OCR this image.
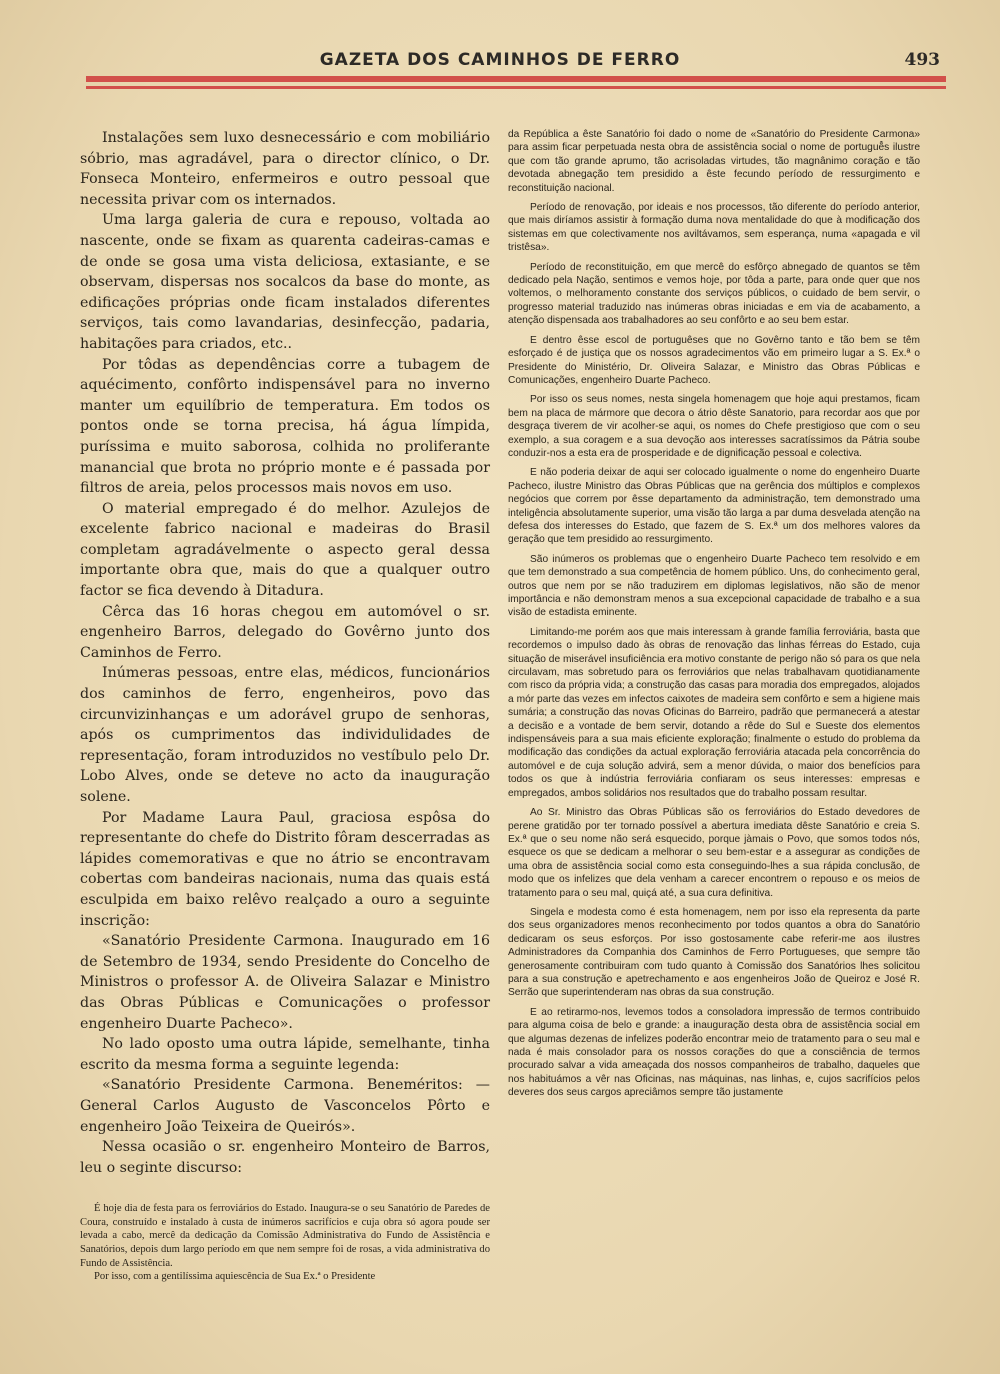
GAZETA DOS CAMINHOS DE FERRO	493

Instalações sem luxo desnecessário e com mobiliário sóbrio, mas agradável, para o director clínico, o Dr. Fonseca Monteiro, enfermeiros e outro pessoal que necessita privar com os internados.

Uma larga galeria de cura e repouso, voltada ao nascente, onde se fixam as quarenta cadeiras-camas e de onde se gosa uma vista deliciosa, extasiante, e se observam, dispersas nos socalcos da base do monte, as edificações próprias onde ficam instalados diferentes serviços, tais como lavandarias, desinfecção, padaria, habitações para criados, etc..

Por tôdas as dependências corre a tubagem de aquécimento, confôrto indispensável para no inverno manter um equilíbrio de temperatura. Em todos os pontos onde se torna precisa, há água límpida, puríssima e muito saborosa, colhida no proliferante manancial que brota no próprio monte e é passada por filtros de areia, pelos processos mais novos em uso.

O material empregado é do melhor. Azulejos de excelente fabrico nacional e madeiras do Brasil completam agradávelmente o aspecto geral dessa importante obra que, mais do que a qualquer outro factor se fica devendo à Ditadura.

Cêrca das 16 horas chegou em automóvel o sr. engenheiro Barros, delegado do Govêrno junto dos Caminhos de Ferro.

Inúmeras pessoas, entre elas, médicos, funcionários dos caminhos de ferro, engenheiros, povo das circunvizinhanças e um adorável grupo de senhoras, após os cumprimentos das individulidades de representação, foram introduzidos no vestíbulo pelo Dr. Lobo Alves, onde se deteve no acto da inauguração solene.

Por Madame Laura Paul, graciosa espôsa do representante do chefe do Distrito fôram descerradas as lápides comemorativas e que no átrio se encontravam cobertas com bandeiras nacionais, numa das quais está esculpida em baixo relêvo realçado a ouro a seguinte inscrição:

«Sanatório Presidente Carmona. Inaugurado em 16 de Setembro de 1934, sendo Presidente do Concelho de Ministros o professor A. de Oliveira Salazar e Ministro das Obras Públicas e Comunicações o professor engenheiro Duarte Pacheco».

No lado oposto uma outra lápide, semelhante, tinha escrito da mesma forma a seguinte legenda:

«Sanatório Presidente Carmona. Beneméritos: — General Carlos Augusto de Vasconcelos Pôrto e engenheiro João Teixeira de Queirós».

Nessa ocasião o sr. engenheiro Monteiro de Barros, leu o seginte discurso:

É hoje dia de festa para os ferroviários do Estado. Inaugura-se o seu Sanatório de Paredes de Coura, construído e instalado à custa de inúmeros sacrifícios e cuja obra só agora poude ser levada a cabo, mercê da dedicação da Comissão Administrativa do Fundo de Assistência e Sanatórios, depois dum largo período em que nem sempre foi de rosas, a vida administrativa do Fundo de Assistência.

Por isso, com a gentilíssima aquiescência de Sua Ex.ª o Presidente

da República a êste Sanatório foi dado o nome de «Sanatório do Presidente Carmona» para assim ficar perpetuada nesta obra de assistência social o nome de portuguê̂s ilustre que com tão grande aprumo, tão acrisoladas virtudes, tão magnânimo coração e tão devotada abnegação tem presidido a êste fecundo período de ressurgimento e reconstituição nacional.

Período de renovação, por ideais e nos processos, tão diferente do período anterior, que mais diríamos assistir à formação duma nova mentalidade do que à modificação dos sistemas em que colectivamente nos aviltávamos, sem esperança, numa «apagada e vil tristêsa».

Período de reconstituição, em que mercê do esfôrço abnegado de quantos se têm dedicado pela Nação, sentimos e vemos hoje, por tôda a parte, para onde quer que nos voltemos, o melhoramento constante dos serviços públicos, o cuidado de bem servir, o progresso material traduzido nas inúmeras obras iniciadas e em via de acabamento, a atenção dispensada aos trabalhadores ao seu confôrto e ao seu bem estar.

E dentro êsse escol de portuguêses que no Govêrno tanto e tão bem se têm esforçado é de justiça que os nossos agradecimentos vão em primeiro lugar a S. Ex.ª o Presidente do Ministério, Dr. Oliveira Salazar, e Ministro das Obras Públicas e Comunicações, engenheiro Duarte Pacheco.

Por isso os seus nomes, nesta singela homenagem que hoje aqui prestamos, ficam bem na placa de mármore que decora o átrio dêste Sanatorio, para recordar aos que por desgraça tiverem de vir acolher-se aqui, os nomes do Chefe prestigioso que com o seu exemplo, a sua coragem e a sua devoção aos interesses sacratíssimos da Pátria soube conduzir-nos a esta era de prosperidade e de dignificação pessoal e colectiva.

E não poderia deixar de aqui ser colocado igualmente o nome do engenheiro Duarte Pacheco, ilustre Ministro das Obras Públicas que na gerência dos múltiplos e complexos negócios que correm por êsse departamento da administração, tem demonstrado uma inteligência absolutamente superior, uma visão tão larga a par duma desvelada atenção na defesa dos interesses do Estado, que fazem de S. Ex.ª um dos melhores valores da geração que tem presidido ao ressurgimento.

São inúmeros os problemas que o engenheiro Duarte Pacheco tem resolvido e em que tem demonstrado a sua competência de homem público. Uns, do conhecimento geral, outros que nem por se não traduzirem em diplomas legislativos, não são de menor importância e não demonstram menos a sua excepcional capacidade de trabalho e a sua visão de estadista eminente.

Limitando-me porém aos que mais interessam à grande família ferroviária, basta que recordemos o impulso dado às obras de renovação das linhas férreas do Estado, cuja situação de miserável insuficiência era motivo constante de perigo não só para os que nela circulavam, mas sobretudo para os ferroviários que nelas trabalhavam quotidianamente com risco da própria vida; a construção das casas para moradia dos empregados, alojados a mór parte das vezes em infectos caixotes de madeira sem confôrto e sem a higiene mais sumária; a construção das novas Oficinas do Barreiro, padrão que permanecerá a atestar a decisão e a vontade de bem servir, dotando a rêde do Sul e Sueste dos elementos indispensáveis para a sua mais eficiente exploração; finalmente o estudo do problema da modificação das condições da actual exploração ferroviária atacada pela concorrência do automóvel e de cuja solução advirá, sem a menor dúvida, o maior dos benefícios para todos os que à indústria ferroviária confiaram os seus interesses: empresas e empregados, ambos solidários nos resultados que do trabalho possam resultar.

Ao Sr. Ministro das Obras Públicas são os ferroviários do Estado devedores de perene gratidão por ter tornado possível a abertura imediata dêste Sanatório e creia S. Ex.ª que o seu nome não será esquecido, porque jàmais o Povo, que somos todos nós, esquece os que se dedicam a melhorar o seu bem-estar e a assegurar as condições de uma obra de assistência social como esta conseguindo-lhes a sua rápida conclusão, de modo que os infelizes que dela venham a carecer encontrem o repouso e os meios de tratamento para o seu mal, quiçá até, a sua cura definitiva.

Singela e modesta como é esta homenagem, nem por isso ela representa da parte dos seus organizadores menos reconhecimento por todos quantos a obra do Sanatório dedicaram os seus esforços. Por isso gostosamente cabe referir-me aos ilustres Administradores da Companhia dos Caminhos de Ferro Portugueses, que sempre tão generosamente contribuiram com tudo quanto à Comissão dos Sanatórios lhes solicitou para a sua construção e apetrechamento e aos engenheiros João de Queiroz e José R. Serrão que superintenderam nas obras da sua construção.

E ao retirarmo-nos, levemos todos a consoladora impressão de termos contribuido para alguma coisa de belo e grande: a inauguração desta obra de assistência social em que algumas dezenas de infelizes poderão encontrar meio de tratamento para o seu mal e nada é mais consolador para os nossos corações do que a consciência de termos procurado salvar a vida ameaçada dos nossos companheiros de trabalho, daqueles que nos habituámos a vêr nas Oficinas, nas máquinas, nas linhas, e, cujos sacrifícios pelos deveres dos seus cargos apreciâmos sempre tão justamente
